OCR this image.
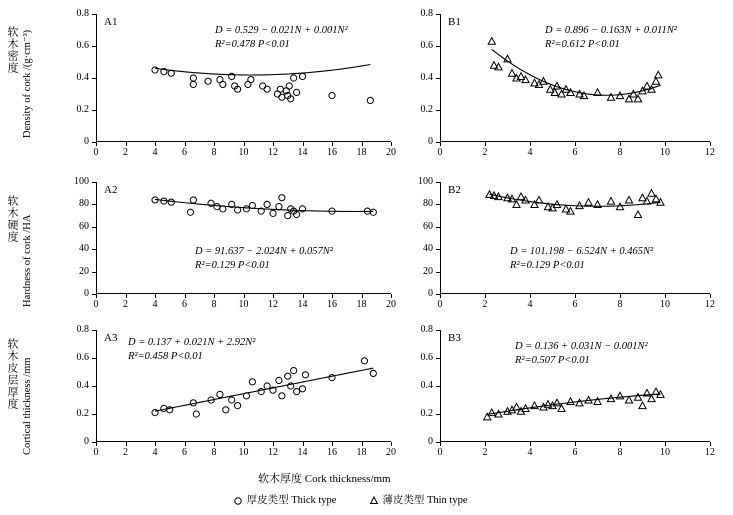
软木密度 Density of cork /(g·cm⁻³)
软木硬度 Hardness of cork /HA
软木皮层厚度 Cortical thickness /mm
软木厚度 Cork thickness/mm
厚皮类型 Thick type	薄皮类型 Thin type
0	2	4	6	8	10	12	14	16	18	20
0
0.2
0.4
0.6
0.8
A1
D = 0.529 − 0.021N + 0.001N²
R²=0.478 P<0.01
0	2	4	6	8	10	12
0
0.2
0.4
0.6
0.8
B1
D = 0.896 − 0.163N + 0.011N²
R²=0.612 P<0.01
0	2	4	6	8	10	12	14	16	18	20
0
20
40
60
80
100
A2
D = 91.637 − 2.024N + 0.057N²
R²=0.129 P<0.01
0	2	4	6	8	10	12
0
20
40
60
80
100
B2
D = 101.198 − 6.524N + 0.465N²
R²=0.129 P<0.01
0	2	4	6	8	10	12	14	16	18	20
0
0.2
0.4
0.6
0.8
A3 D = 0.137 + 0.021N + 2.92N²
R²=0.458 P<0.01
0	2	4	6	8	10	12
0
0.2
0.4
0.6
0.8
B3
D = 0.136 + 0.031N − 0.001N²
R²=0.507 P<0.01
